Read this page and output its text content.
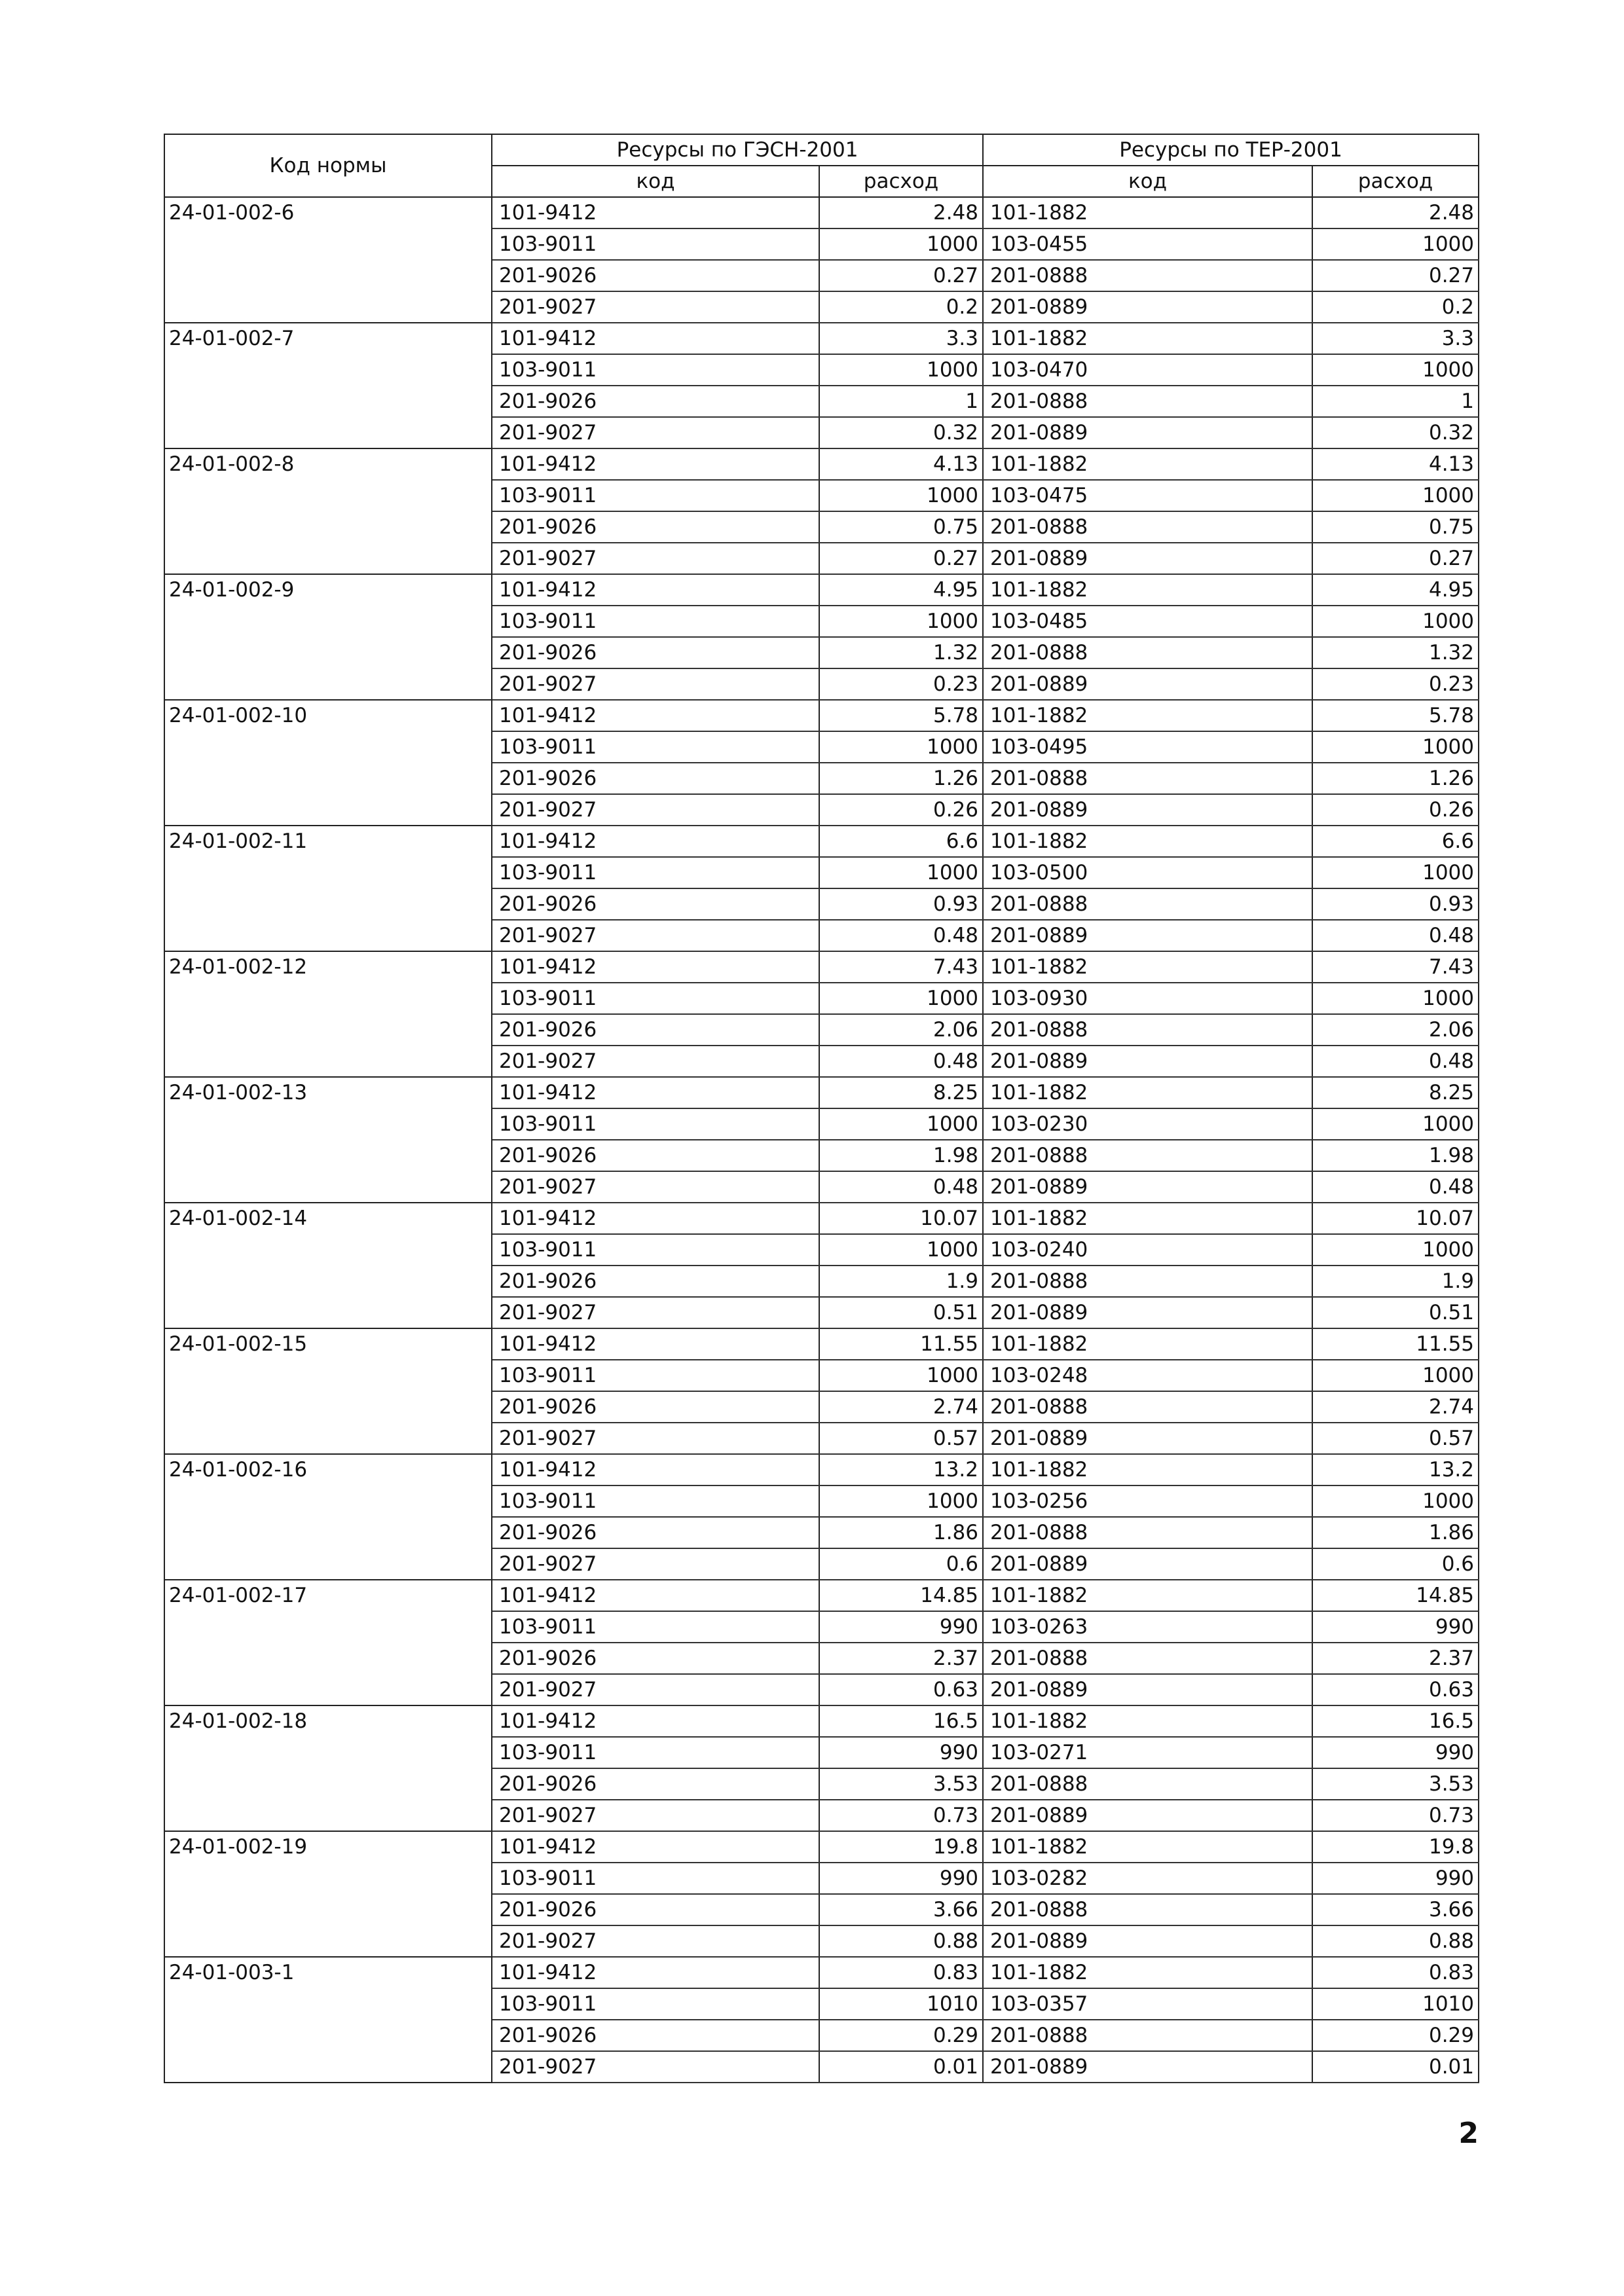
Код нормы	Ресурсы по ГЭСН-2001		Ресурсы по ТЕР-2001	
	код	расход	код	расход
24-01-002-6	101-9412	2.48	101-1882	2.48
	103-9011	1000	103-0455	1000
	201-9026	0.27	201-0888	0.27
	201-9027	0.2	201-0889	0.2
24-01-002-7	101-9412	3.3	101-1882	3.3
	103-9011	1000	103-0470	1000
	201-9026	1	201-0888	1
	201-9027	0.32	201-0889	0.32
24-01-002-8	101-9412	4.13	101-1882	4.13
	103-9011	1000	103-0475	1000
	201-9026	0.75	201-0888	0.75
	201-9027	0.27	201-0889	0.27
24-01-002-9	101-9412	4.95	101-1882	4.95
	103-9011	1000	103-0485	1000
	201-9026	1.32	201-0888	1.32
	201-9027	0.23	201-0889	0.23
24-01-002-10	101-9412	5.78	101-1882	5.78
	103-9011	1000	103-0495	1000
	201-9026	1.26	201-0888	1.26
	201-9027	0.26	201-0889	0.26
24-01-002-11	101-9412	6.6	101-1882	6.6
	103-9011	1000	103-0500	1000
	201-9026	0.93	201-0888	0.93
	201-9027	0.48	201-0889	0.48
24-01-002-12	101-9412	7.43	101-1882	7.43
	103-9011	1000	103-0930	1000
	201-9026	2.06	201-0888	2.06
	201-9027	0.48	201-0889	0.48
24-01-002-13	101-9412	8.25	101-1882	8.25
	103-9011	1000	103-0230	1000
	201-9026	1.98	201-0888	1.98
	201-9027	0.48	201-0889	0.48
24-01-002-14	101-9412	10.07	101-1882	10.07
	103-9011	1000	103-0240	1000
	201-9026	1.9	201-0888	1.9
	201-9027	0.51	201-0889	0.51
24-01-002-15	101-9412	11.55	101-1882	11.55
	103-9011	1000	103-0248	1000
	201-9026	2.74	201-0888	2.74
	201-9027	0.57	201-0889	0.57
24-01-002-16	101-9412	13.2	101-1882	13.2
	103-9011	1000	103-0256	1000
	201-9026	1.86	201-0888	1.86
	201-9027	0.6	201-0889	0.6
24-01-002-17	101-9412	14.85	101-1882	14.85
	103-9011	990	103-0263	990
	201-9026	2.37	201-0888	2.37
	201-9027	0.63	201-0889	0.63
24-01-002-18	101-9412	16.5	101-1882	16.5
	103-9011	990	103-0271	990
	201-9026	3.53	201-0888	3.53
	201-9027	0.73	201-0889	0.73
24-01-002-19	101-9412	19.8	101-1882	19.8
	103-9011	990	103-0282	990
	201-9026	3.66	201-0888	3.66
	201-9027	0.88	201-0889	0.88
24-01-003-1	101-9412	0.83	101-1882	0.83
	103-9011	1010	103-0357	1010
	201-9026	0.29	201-0888	0.29
	201-9027	0.01	201-0889	0.01
2
